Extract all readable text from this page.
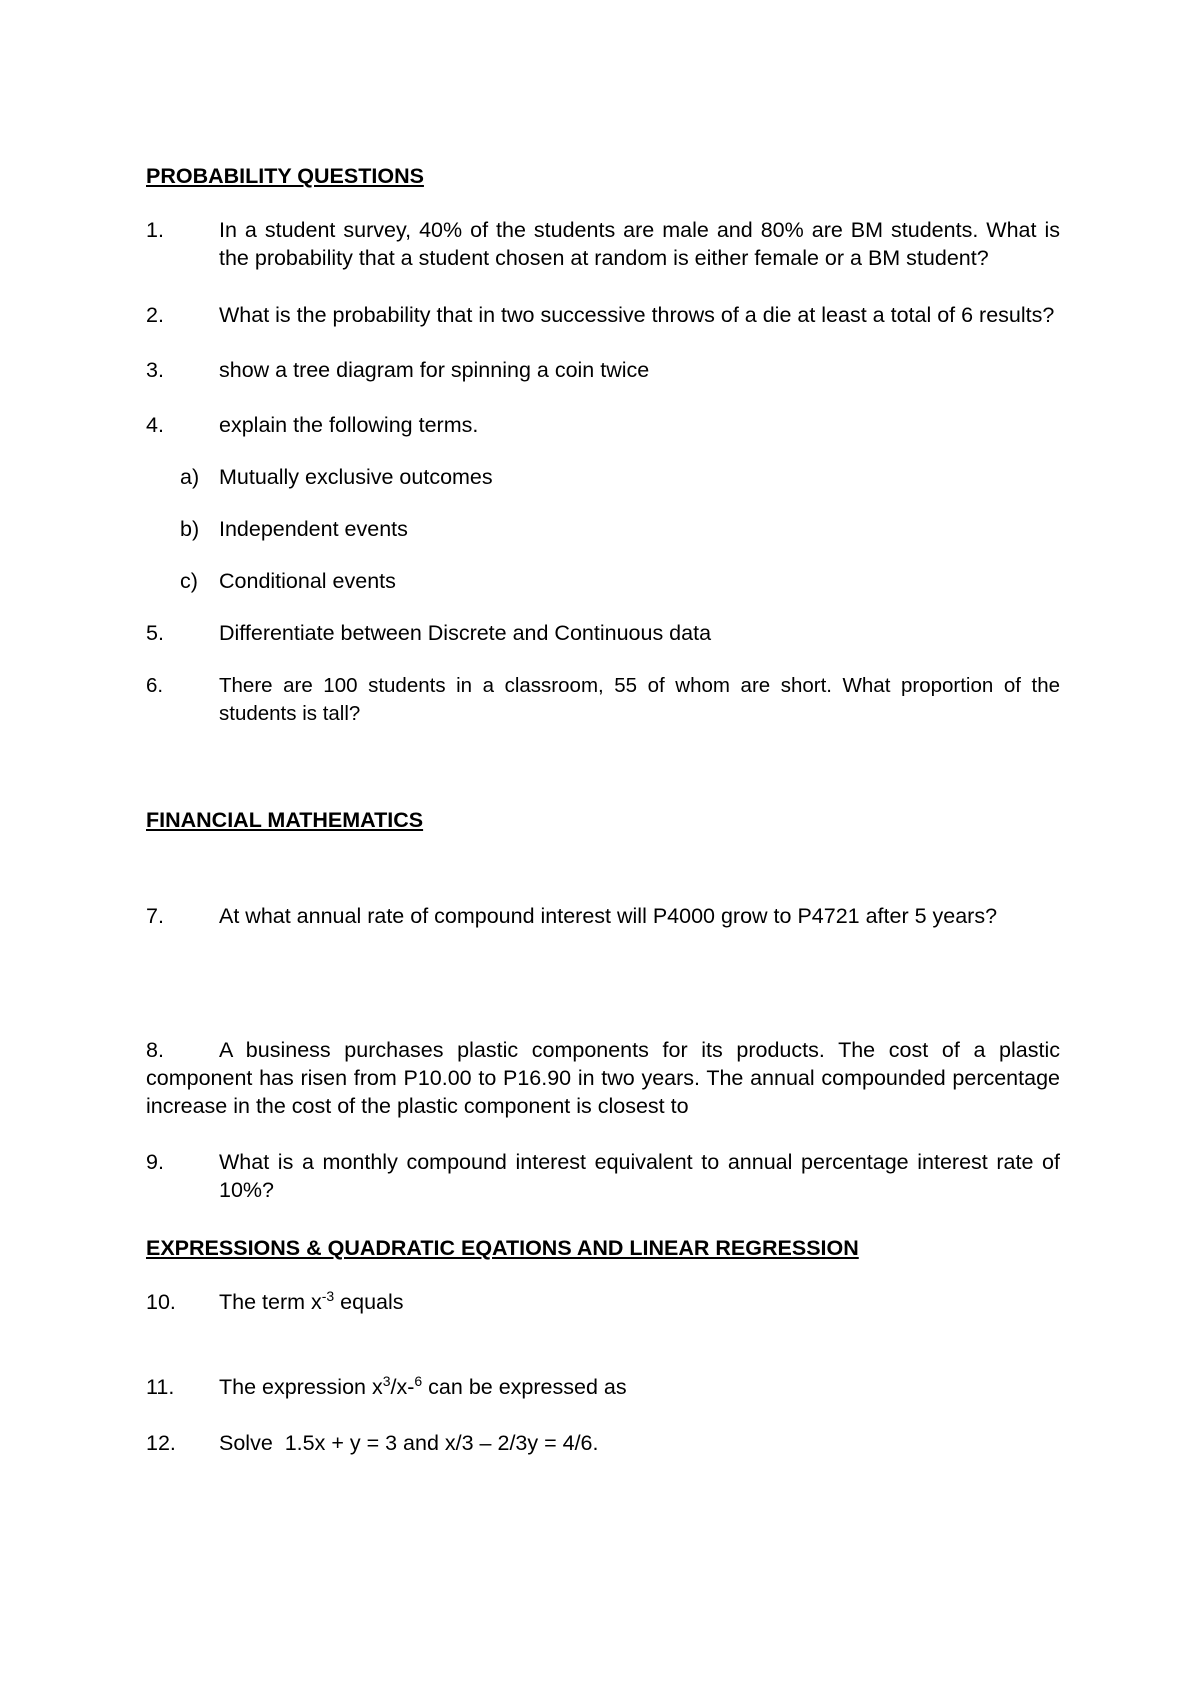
PROBABILITY QUESTIONS
1.	In a student survey, 40% of the students are male and 80% are BM students. What is the probability that a student chosen at random is either female or a BM student?
2.	What is the probability that in two successive throws of a die at least a total of 6 results?
3.	show a tree diagram for spinning a coin twice
4.	explain the following terms.
a) Mutually exclusive outcomes
b) Independent events
c) Conditional events
5.	Differentiate between Discrete and Continuous data
6.	There are 100 students in a classroom, 55 of whom are short. What proportion of the students is tall?
FINANCIAL MATHEMATICS
7.	At what annual rate of compound interest will P4000 grow to P4721 after 5 years?
8.	A business purchases plastic components for its products. The cost of a plastic component has risen from P10.00 to P16.90 in two years. The annual compounded percentage increase in the cost of the plastic component is closest to
9.	What is a monthly compound interest equivalent to annual percentage interest rate of 10%?
EXPRESSIONS & QUADRATIC EQATIONS AND LINEAR REGRESSION
10.	The term $x^{-3}$ equals
11.	The expression $x^3/x-^6$ can be expressed as
12.	Solve  1.5x + y = 3 and x/3 – 2/3y = 4/6.
